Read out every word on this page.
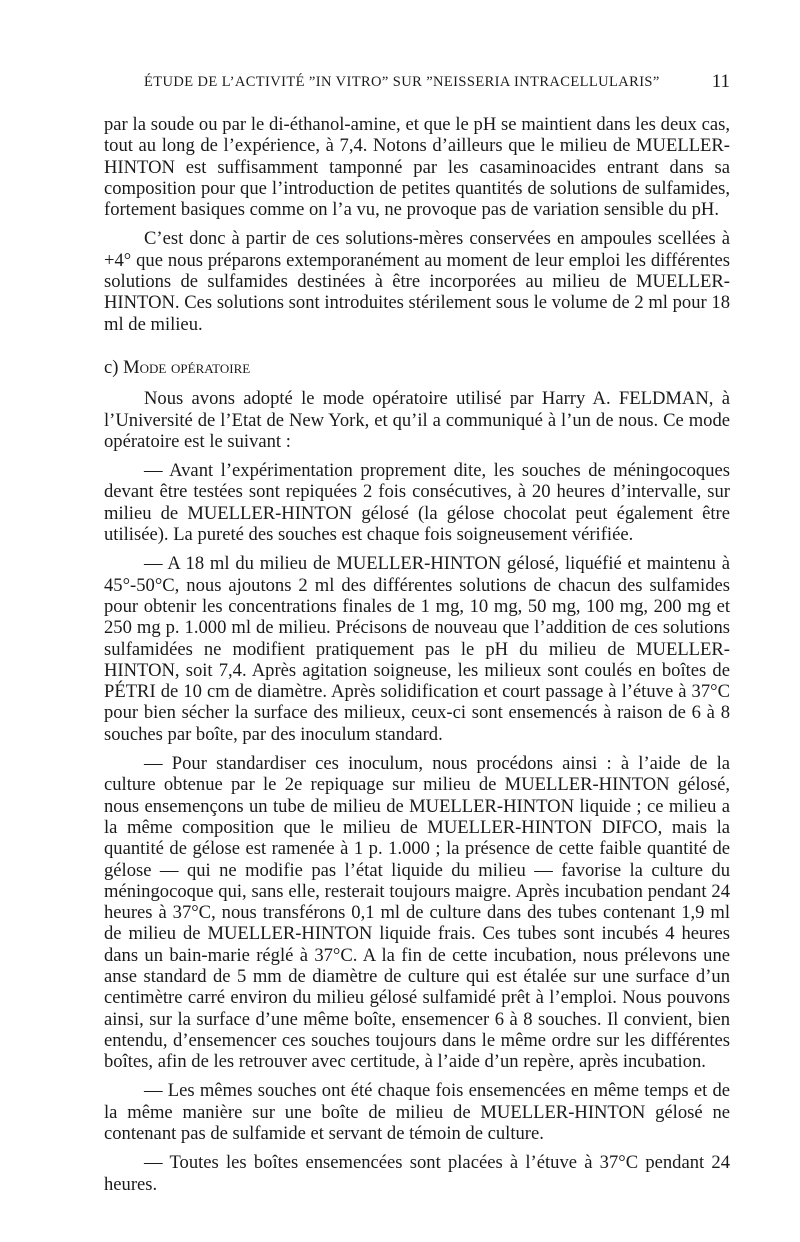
ÉTUDE DE L’ACTIVITÉ ”IN VITRO” SUR ”NEISSERIA INTRACELLULARIS”	11

par la soude ou par le di-éthanol-amine, et que le pH se maintient dans les deux cas, tout au long de l’expérience, à 7,4. Notons d’ailleurs que le milieu de MUELLER-HINTON est suffisamment tamponné par les casaminoacides entrant dans sa composition pour que l’introduction de petites quantités de solutions de sulfamides, fortement basiques comme on l’a vu, ne provoque pas de variation sensible du pH.

C’est donc à partir de ces solutions-mères conservées en ampoules scellées à +4° que nous préparons extemporanément au moment de leur emploi les différentes solutions de sulfamides destinées à être incorporées au milieu de MUELLER-HINTON. Ces solutions sont introduites stérilement sous le volume de 2 ml pour 18 ml de milieu.

c) Mode opératoire

Nous avons adopté le mode opératoire utilisé par Harry A. FELDMAN, à l’Université de l’Etat de New York, et qu’il a communiqué à l’un de nous. Ce mode opératoire est le suivant :

— Avant l’expérimentation proprement dite, les souches de méningocoques devant être testées sont repiquées 2 fois consécutives, à 20 heures d’intervalle, sur milieu de MUELLER-HINTON gélosé (la gélose chocolat peut également être utilisée). La pureté des souches est chaque fois soigneusement vérifiée.

— A 18 ml du milieu de MUELLER-HINTON gélosé, liquéfié et maintenu à 45°-50°C, nous ajoutons 2 ml des différentes solutions de chacun des sulfamides pour obtenir les concentrations finales de 1 mg, 10 mg, 50 mg, 100 mg, 200 mg et 250 mg p. 1.000 ml de milieu. Précisons de nouveau que l’addition de ces solutions sulfamidées ne modifient pratiquement pas le pH du milieu de MUELLER-HINTON, soit 7,4. Après agitation soigneuse, les milieux sont coulés en boîtes de PÉTRI de 10 cm de diamètre. Après solidification et court passage à l’étuve à 37°C pour bien sécher la surface des milieux, ceux-ci sont ensemencés à raison de 6 à 8 souches par boîte, par des inoculum standard.

— Pour standardiser ces inoculum, nous procédons ainsi : à l’aide de la culture obtenue par le 2e repiquage sur milieu de MUELLER-HINTON gélosé, nous ensemençons un tube de milieu de MUELLER-HINTON liquide ; ce milieu a la même composition que le milieu de MUELLER-HINTON DIFCO, mais la quantité de gélose est ramenée à 1 p. 1.000 ; la présence de cette faible quantité de gélose — qui ne modifie pas l’état liquide du milieu — favorise la culture du méningocoque qui, sans elle, resterait toujours maigre. Après incubation pendant 24 heures à 37°C, nous transférons 0,1 ml de culture dans des tubes contenant 1,9 ml de milieu de MUELLER-HINTON liquide frais. Ces tubes sont incubés 4 heures dans un bain-marie réglé à 37°C. A la fin de cette incubation, nous prélevons une anse standard de 5 mm de diamètre de culture qui est étalée sur une surface d’un centimètre carré environ du milieu gélosé sulfamidé prêt à l’emploi. Nous pouvons ainsi, sur la surface d’une même boîte, ensemencer 6 à 8 souches. Il convient, bien entendu, d’ensemencer ces souches toujours dans le même ordre sur les différentes boîtes, afin de les retrouver avec certitude, à l’aide d’un repère, après incubation.

— Les mêmes souches ont été chaque fois ensemencées en même temps et de la même manière sur une boîte de milieu de MUELLER-HINTON gélosé ne contenant pas de sulfamide et servant de témoin de culture.

— Toutes les boîtes ensemencées sont placées à l’étuve à 37°C pendant 24 heures.
